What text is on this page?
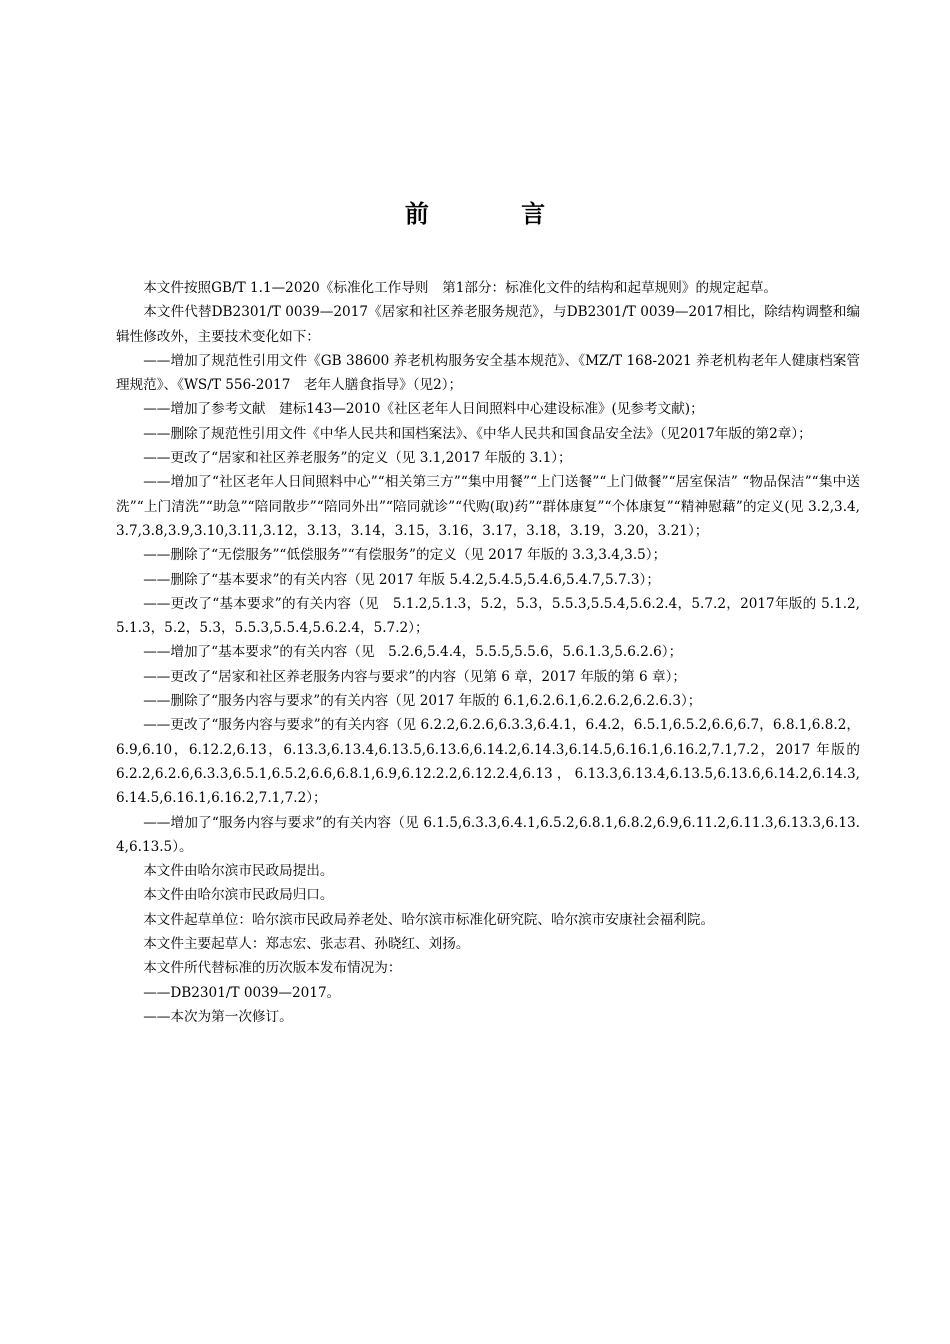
前 言

本文件按照GB/T 1.1—2020《标准化工作导则　第1部分：标准化文件的结构和起草规则》的规定起草。

本文件代替DB2301/T 0039—2017《居家和社区养老服务规范》，与DB2301/T 0039—2017相比，除结构调整和编辑性修改外，主要技术变化如下：

——增加了规范性引用文件《GB 38600 养老机构服务安全基本规范》、《MZ/T 168-2021 养老机构老年人健康档案管理规范》、《WS/T 556-2017　老年人膳食指导》（见2）；

——增加了参考文献　建标143—2010《社区老年人日间照料中心建设标准》(见参考文献)；

——删除了规范性引用文件《中华人民共和国档案法》、《中华人民共和国食品安全法》（见2017年版的第2章）；

——更改了“居家和社区养老服务”的定义（见 3.1,2017 年版的 3.1）；

——增加了“社区老年人日间照料中心”“相关第三方”“集中用餐”“上门送餐”“上门做餐”“居室保洁” “物品保洁”“集中送洗”“上门清洗”“助急”“陪同散步”“陪同外出”“陪同就诊”“代购(取)药”“群体康复”“个体康复”“精神慰藉”的定义(见 3.2,3.4,3.7,3.8,3.9,3.10,3.11,3.12，3.13，3.14，3.15，3.16，3.17，3.18，3.19，3.20，3.21）；

——删除了“无偿服务”“低偿服务”“有偿服务”的定义（见 2017 年版的 3.3,3.4,3.5）；

——删除了“基本要求”的有关内容（见 2017 年版 5.4.2,5.4.5,5.4.6,5.4.7,5.7.3）；

——更改了“基本要求”的有关内容（见　5.1.2,5.1.3，5.2，5.3，5.5.3,5.5.4,5.6.2.4，5.7.2，2017年版的 5.1.2,5.1.3，5.2，5.3，5.5.3,5.5.4,5.6.2.4，5.7.2）；

——增加了“基本要求”的有关内容（见　5.2.6,5.4.4，5.5.5,5.5.6，5.6.1.3,5.6.2.6）；

——更改了“居家和社区养老服务内容与要求”的内容（见第 6 章，2017 年版的第 6 章）；

——删除了“服务内容与要求”的有关内容（见 2017 年版的 6.1,6.2.6.1,6.2.6.2,6.2.6.3）；

——更改了“服务内容与要求”的有关内容（见 6.2.2,6.2.6,6.3.3,6.4.1，6.4.2，6.5.1,6.5.2,6.6,6.7，6.8.1,6.8.2，6.9,6.10，6.12.2,6.13，6.13.3,6.13.4,6.13.5,6.13.6,6.14.2,6.14.3,6.14.5,6.16.1,6.16.2,7.1,7.2，2017 年版的 6.2.2,6.2.6,6.3.3,6.5.1,6.5.2,6.6,6.8.1,6.9,6.12.2.2,6.12.2.4,6.13，6.13.3,6.13.4,6.13.5,6.13.6,6.14.2,6.14.3,6.14.5,6.16.1,6.16.2,7.1,7.2）；

——增加了“服务内容与要求”的有关内容（见 6.1.5,6.3.3,6.4.1,6.5.2,6.8.1,6.8.2,6.9,6.11.2,6.11.3,6.13.3,6.13.4,6.13.5）。

本文件由哈尔滨市民政局提出。

本文件由哈尔滨市民政局归口。

本文件起草单位：哈尔滨市民政局养老处、哈尔滨市标准化研究院、哈尔滨市安康社会福利院。

本文件主要起草人：郑志宏、张志君、孙晓红、刘扬。

本文件所代替标准的历次版本发布情况为：

——DB2301/T 0039—2017。

——本次为第一次修订。
